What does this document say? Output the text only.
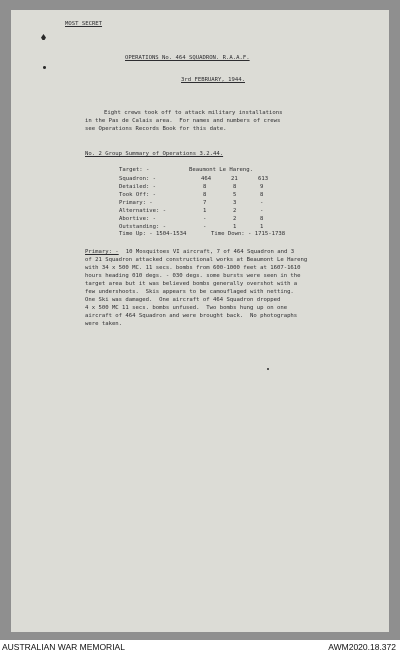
MOST SECRET
OPERATIONS No. 464 SQUADRON. R.A.A.F.
3rd FEBRUARY, 1944.
Eight crews took off to attack military installations
in the Pas de Calais area.  For names and numbers of crews
see Operations Records Book for this date.
No. 2 Group Summary of Operations 3.2.44.
Target: -	Beaumont Le Hareng.
Squadron: -	464	21	613
Detailed: -	8	8	9
Took Off: -	8	5	8
Primary: -	7	3	-
Alternative: -	1	2	-
Abortive: -	-	2	8
Outstanding: -	-	1	1
Time Up: - 1504-1534	Time Down: - 1715-1738
Primary: - 10 Mosquitoes VI aircraft, 7 of 464 Squadron and 3
of 21 Squadron attacked constructional works at Beaumont Le Hareng
with 34 x 500 MC. 11 secs. bombs from 600-1000 feet at 1607-1610
hours heading 010 degs. - 030 degs. some bursts were seen in the
target area but it was believed bombs generally overshot with a
few undershoots.  Skis appears to be camouflaged with netting.
One Ski was damaged.  One aircraft of 464 Squadron dropped
4 x 500 MC 11 secs. bombs unfused.  Two bombs hung up on one
aircraft of 464 Squadron and were brought back.  No photographs
were taken.
AUSTRALIAN WAR MEMORIAL	AWM2020.18.372
